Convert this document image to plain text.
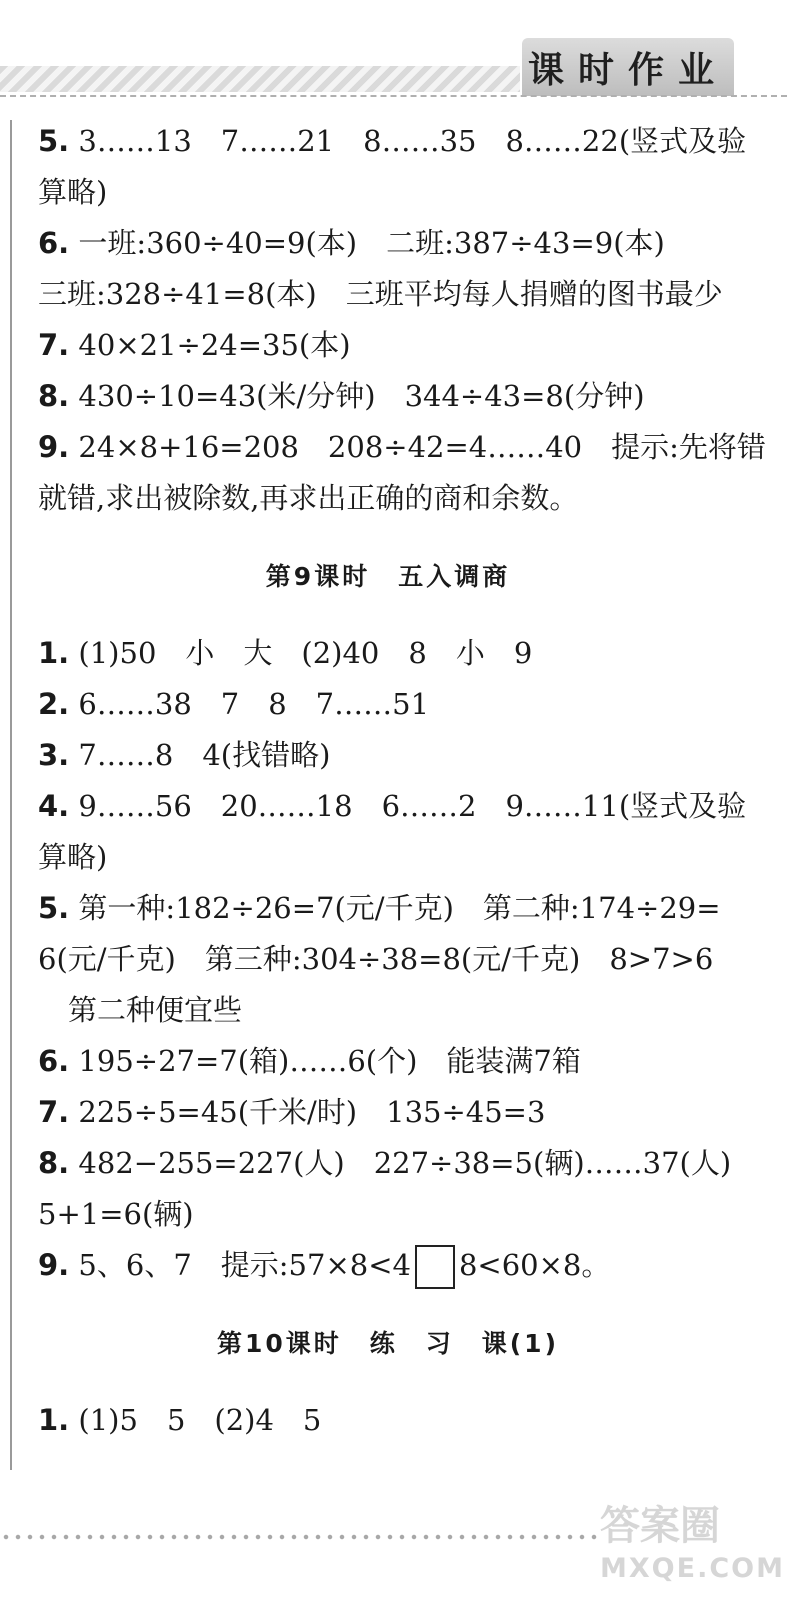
课时作业
5. 3……13　7……21　8……35　8……22(竖式及验
算略)
6. 一班:360÷40=9(本)　二班:387÷43=9(本)
三班:328÷41=8(本)　三班平均每人捐赠的图书最少
7. 40×21÷24=35(本)
8. 430÷10=43(米/分钟)　344÷43=8(分钟)
9. 24×8+16=208　208÷42=4……40　提示:先将错
就错,求出被除数,再求出正确的商和余数。
第9课时　五入调商
1. (1)50　小　大　(2)40　8　小　9
2. 6……38　7　8　7……51
3. 7……8　4(找错略)
4. 9……56　20……18　6……2　9……11(竖式及验
算略)
5. 第一种:182÷26=7(元/千克)　第二种:174÷29=
6(元/千克)　第三种:304÷38=8(元/千克)　8>7>6
第二种便宜些
6. 195÷27=7(箱)……6(个)　能装满7箱
7. 225÷5=45(千米/时)　135÷45=3
8. 482−255=227(人)　227÷38=5(辆)……37(人)
5+1=6(辆)
9. 5、6、7　提示:57×8<4 8<60×8。
第10课时　练　习　课(1)
1. (1)5　5　(2)4　5
答案圈
MXQE.COM
